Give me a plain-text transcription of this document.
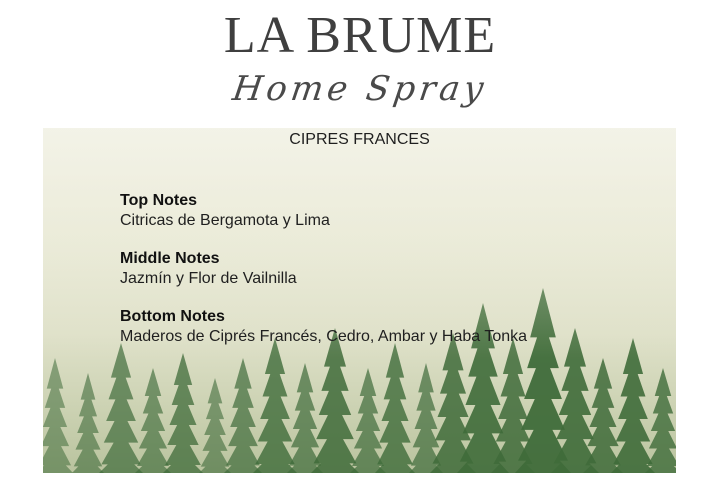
LA BRUME
Home Spray
CIPRES FRANCES
Top Notes
Citricas de Bergamota y Lima
Middle Notes
Jazmín y Flor de Vailnilla
Bottom Notes
Maderos de Ciprés Francés, Cedro, Ambar y Haba Tonka
